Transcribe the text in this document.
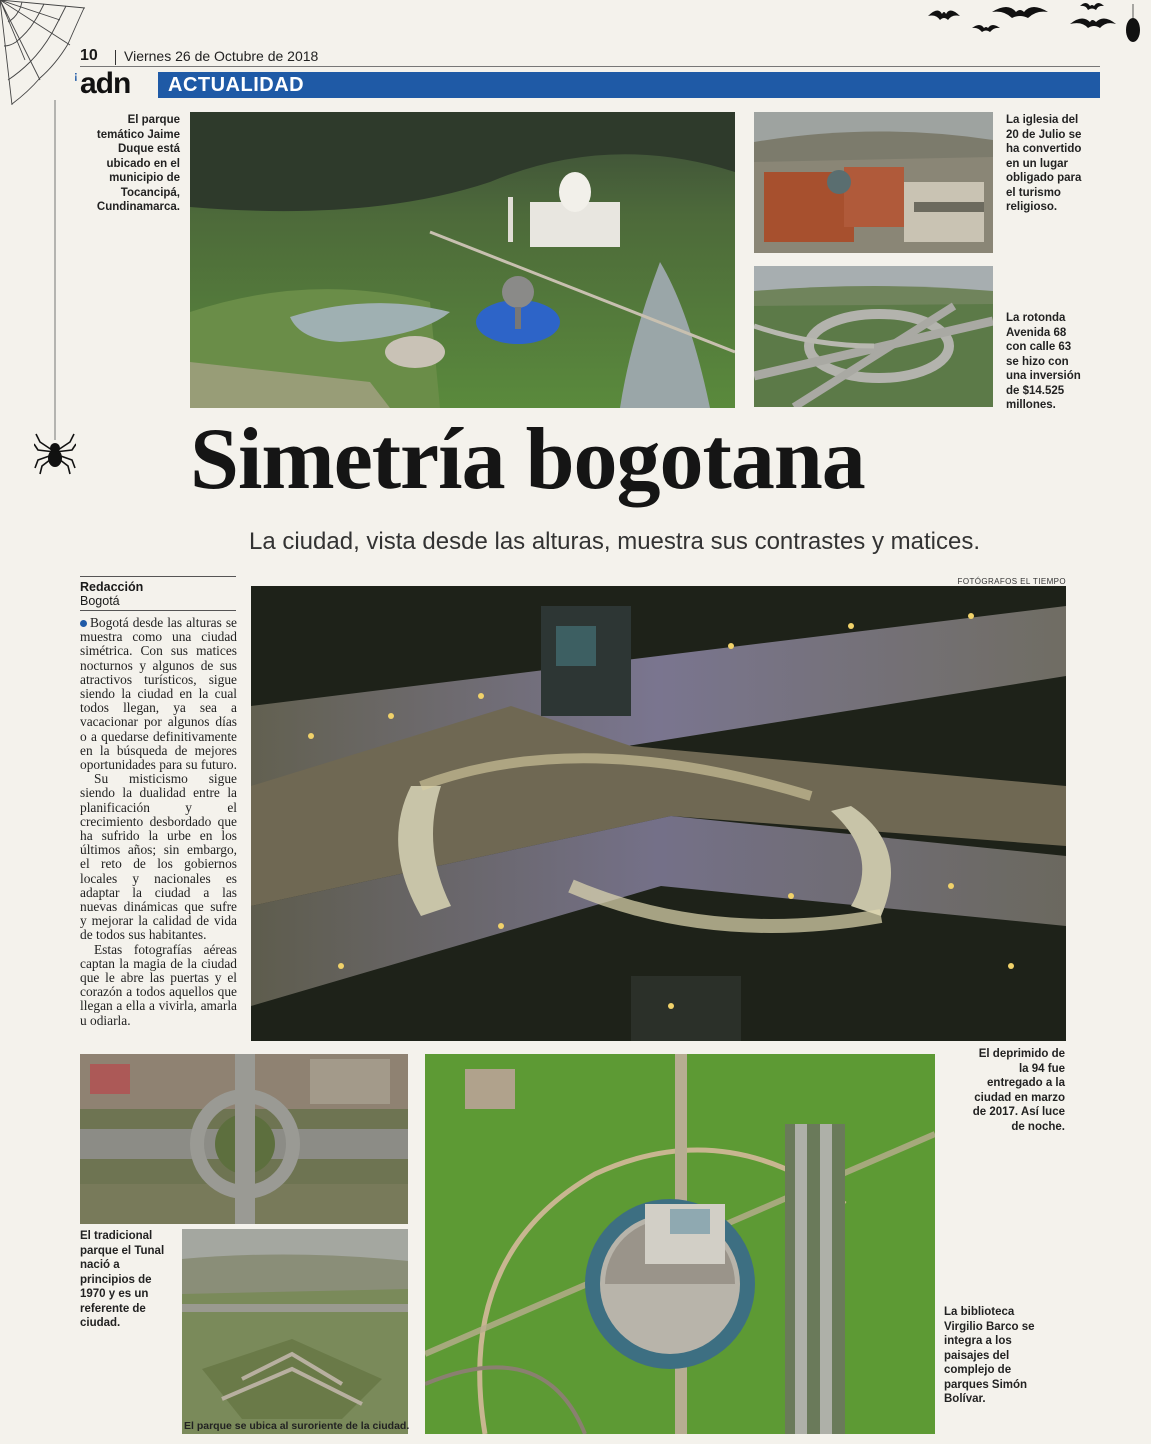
10 Viernes 26 de Octubre de 2018
¡ adn ACTUALIDAD
El parque temático Jaime Duque está ubicado en el municipio de Tocancipá, Cundinamarca.
La iglesia del 20 de Julio se ha convertido en un lugar obligado para el turismo religioso.
La rotonda Avenida 68 con calle 63 se hizo con una inversión de $14.525 millones.
Simetría bogotana
La ciudad, vista desde las alturas, muestra sus contrastes y matices.
Redacción
Bogotá

Bogotá desde las alturas se muestra como una ciudad simétrica. Con sus matices nocturnos y algunos de sus atractivos turísticos, sigue siendo la ciudad en la cual todos llegan, ya sea a vacacionar por algunos días o a quedarse definitivamente en la búsqueda de mejores oportunidades para su futuro.

Su misticismo sigue siendo la dualidad entre la planificación y el crecimiento desbordado que ha sufrido la urbe en los últimos años; sin embargo, el reto de los gobiernos locales y nacionales es adaptar la ciudad a las nuevas dinámicas que sufre y mejorar la calidad de vida de todos sus habitantes.

Estas fotografías aéreas captan la magia de la ciudad que le abre las puertas y el corazón a todos aquellos que llegan a ella a vivirla, amarla u odiarla.

FOTÓGRAFOS EL TIEMPO
El deprimido de la 94 fue entregado a la ciudad en marzo de 2017. Así luce de noche.
El tradicional parque el Tunal nació a principios de 1970 y es un referente de ciudad.
El parque se ubica al suroriente de la ciudad.
La biblioteca Virgilio Barco se integra a los paisajes del complejo de parques Simón Bolívar.
